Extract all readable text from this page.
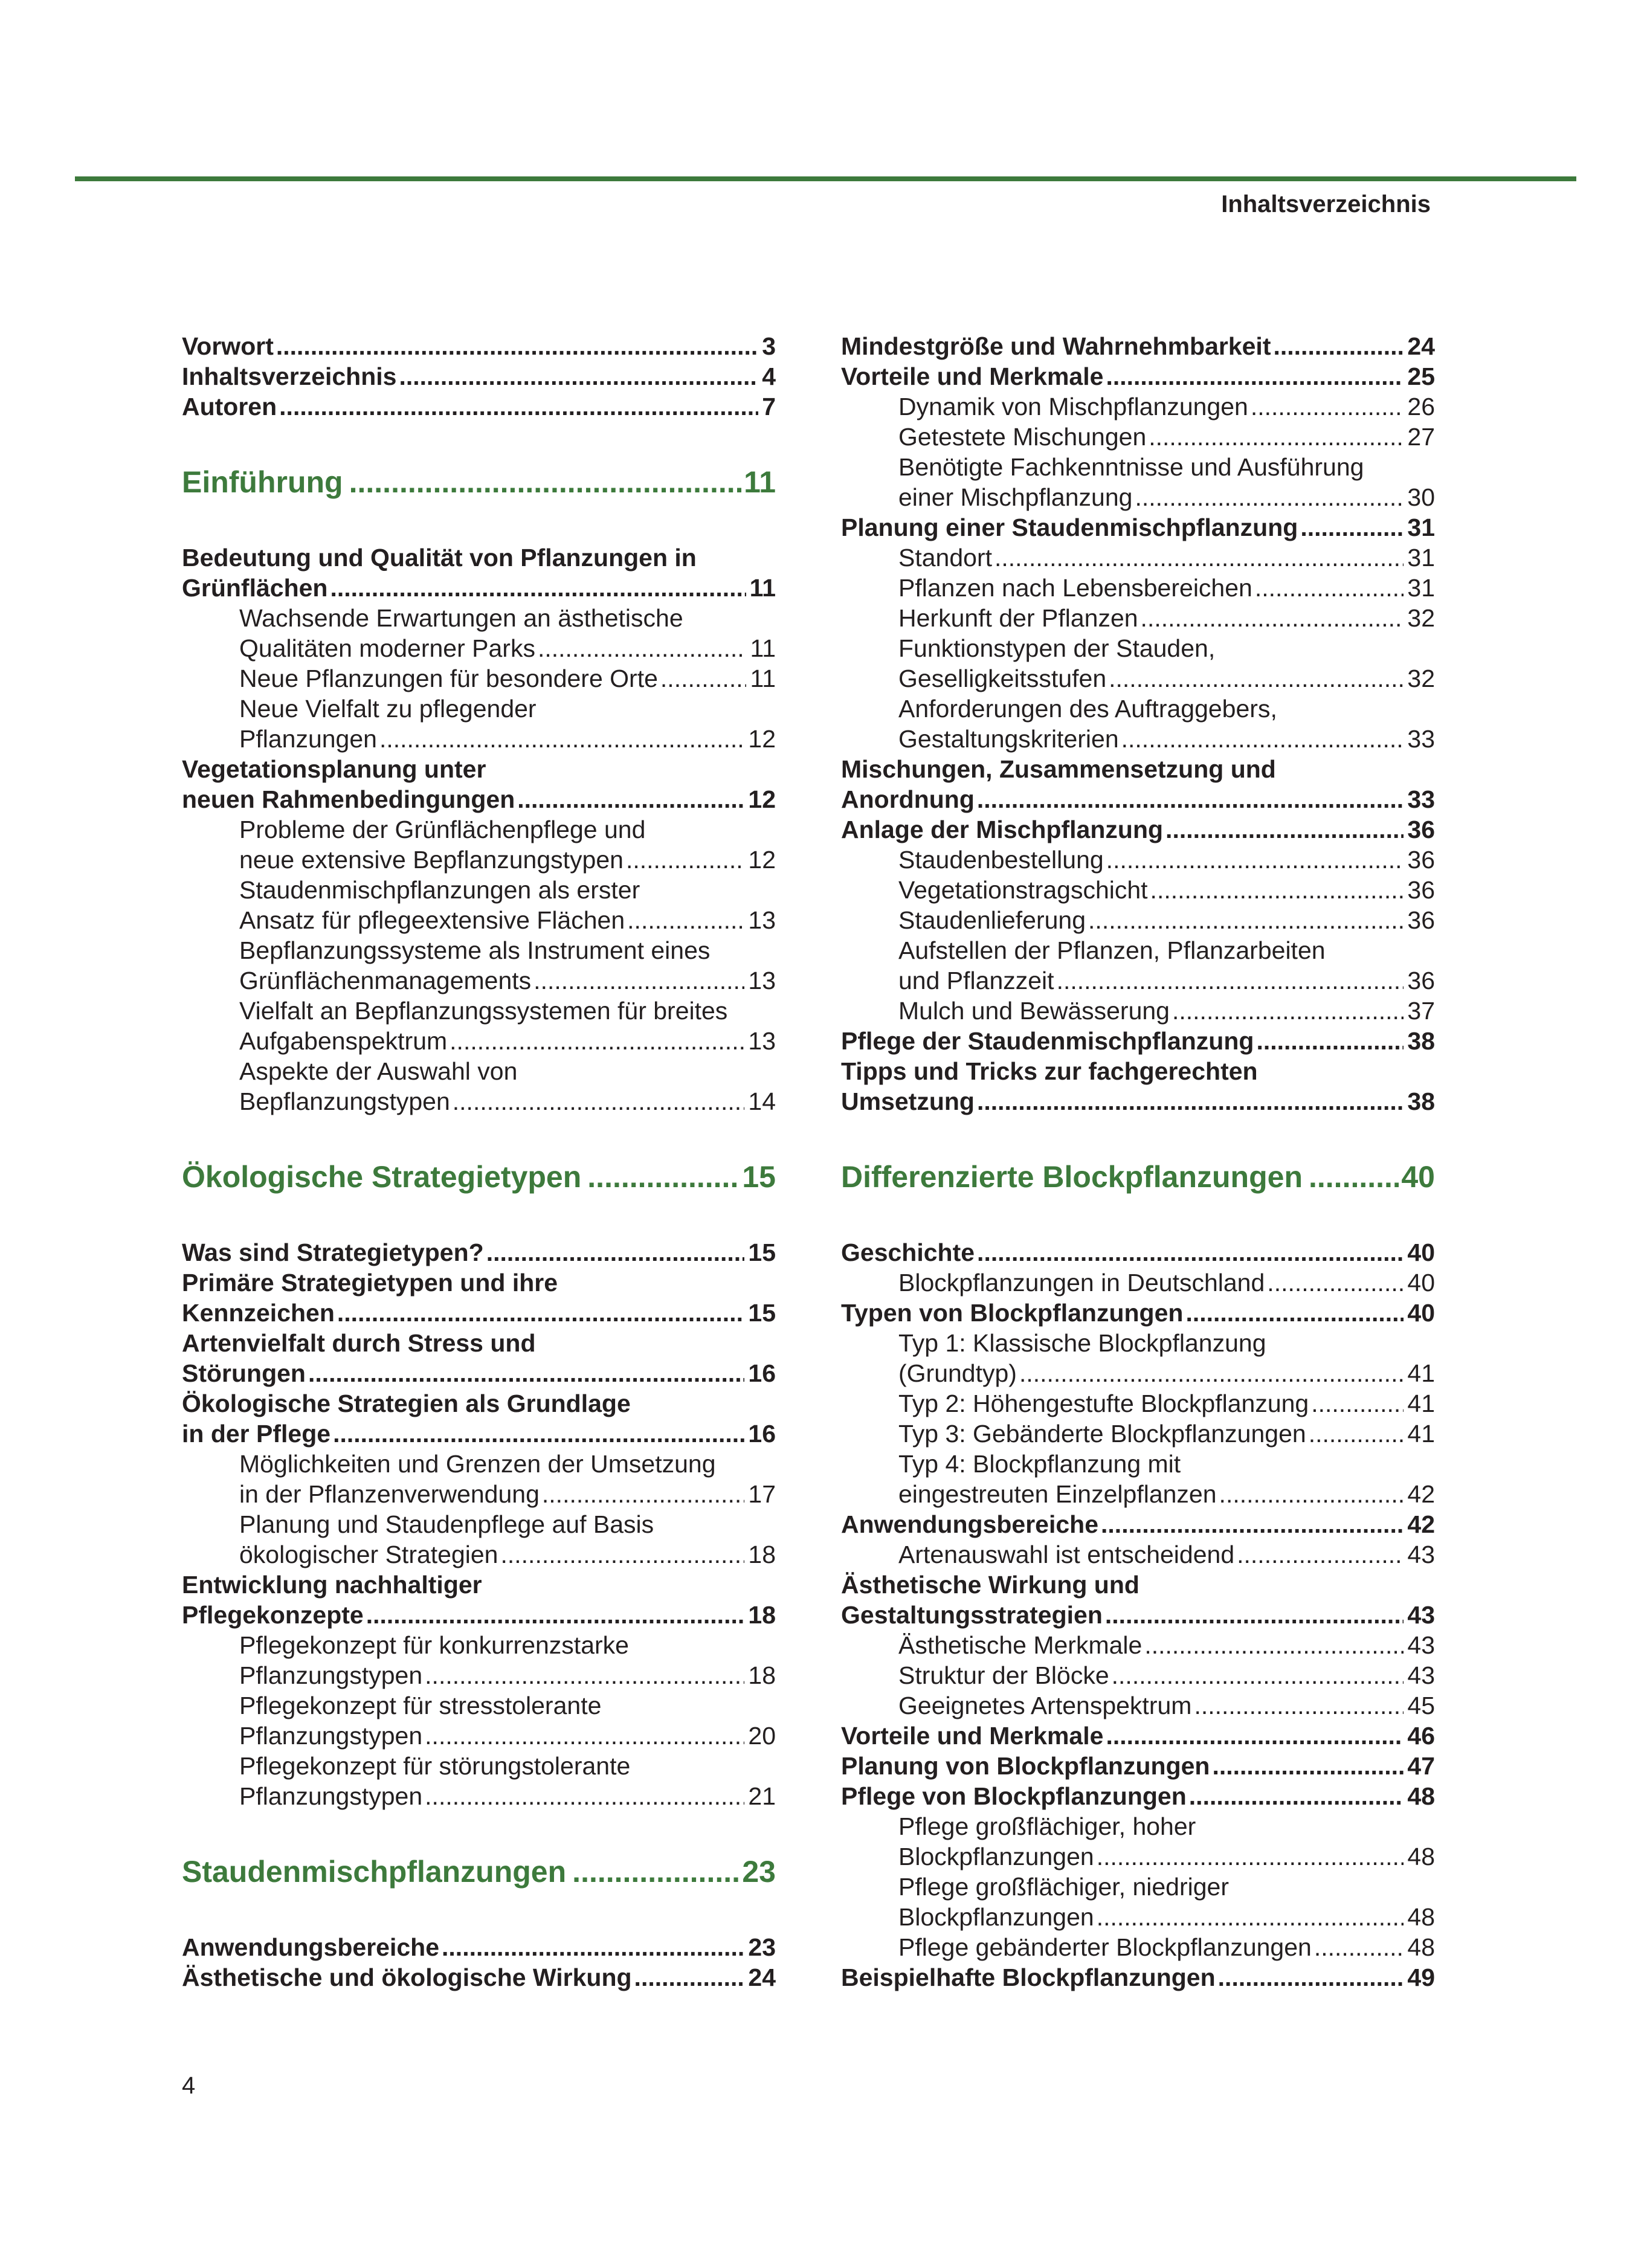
Inhaltsverzeichnis
Vorwort .....	3
Inhaltsverzeichnis .....	4
Autoren .....	7
Einführung .....	11
Bedeutung und Qualität von Pflanzungen in
Grünflächen .....	11
Wachsende Erwartungen an ästhetische
Qualitäten moderner Parks .....	11
Neue Pflanzungen für besondere Orte .....	11
Neue Vielfalt zu pflegender
Pflanzungen .....	12
Vegetationsplanung unter
neuen Rahmenbedingungen .....	12
Probleme der Grünflächenpflege und
neue extensive Bepflanzungstypen .....	12
Staudenmischpflanzungen als erster
Ansatz für pflegeextensive Flächen .....	13
Bepflanzungssysteme als Instrument eines
Grünflächenmanagements .....	13
Vielfalt an Bepflanzungssystemen für breites
Aufgabenspektrum .....	13
Aspekte der Auswahl von
Bepflanzungstypen .....	14
Ökologische Strategietypen .....	15
Was sind Strategietypen? .....	15
Primäre Strategietypen und ihre
Kennzeichen .....	15
Artenvielfalt durch Stress und
Störungen .....	16
Ökologische Strategien als Grundlage
in der Pflege .....	16
Möglichkeiten und Grenzen der Umsetzung
in der Pflanzenverwendung .....	17
Planung und Staudenpflege auf Basis
ökologischer Strategien .....	18
Entwicklung nachhaltiger
Pflegekonzepte .....	18
Pflegekonzept für konkurrenzstarke
Pflanzungstypen .....	18
Pflegekonzept für stresstolerante
Pflanzungstypen .....	20
Pflegekonzept für störungstolerante
Pflanzungstypen .....	21
Staudenmischpflanzungen .....	23
Anwendungsbereiche .....	23
Ästhetische und ökologische Wirkung .....	24
Mindestgröße und Wahrnehmbarkeit .....	24
Vorteile und Merkmale .....	25
Dynamik von Mischpflanzungen .....	26
Getestete Mischungen .....	27
Benötigte Fachkenntnisse und Ausführung
einer Mischpflanzung .....	30
Planung einer Staudenmischpflanzung .....	31
Standort .....	31
Pflanzen nach Lebensbereichen .....	31
Herkunft der Pflanzen .....	32
Funktionstypen der Stauden,
Geselligkeitsstufen .....	32
Anforderungen des Auftraggebers,
Gestaltungskriterien .....	33
Mischungen, Zusammensetzung und
Anordnung .....	33
Anlage der Mischpflanzung .....	36
Staudenbestellung .....	36
Vegetationstragschicht .....	36
Staudenlieferung .....	36
Aufstellen der Pflanzen, Pflanzarbeiten
und Pflanzzeit .....	36
Mulch und Bewässerung .....	37
Pflege der Staudenmischpflanzung .....	38
Tipps und Tricks zur fachgerechten
Umsetzung .....	38
Differenzierte Blockpflanzungen .....	40
Geschichte .....	40
Blockpflanzungen in Deutschland .....	40
Typen von Blockpflanzungen .....	40
Typ 1: Klassische Blockpflanzung
(Grundtyp) .....	41
Typ 2: Höhengestufte Blockpflanzung .....	41
Typ 3: Gebänderte Blockpflanzungen .....	41
Typ 4: Blockpflanzung mit
eingestreuten Einzelpflanzen .....	42
Anwendungsbereiche .....	42
Artenauswahl ist entscheidend .....	43
Ästhetische Wirkung und
Gestaltungsstrategien .....	43
Ästhetische Merkmale .....	43
Struktur der Blöcke .....	43
Geeignetes Artenspektrum .....	45
Vorteile und Merkmale .....	46
Planung von Blockpflanzungen .....	47
Pflege von Blockpflanzungen .....	48
Pflege großflächiger, hoher
Blockpflanzungen .....	48
Pflege großflächiger, niedriger
Blockpflanzungen .....	48
Pflege gebänderter Blockpflanzungen .....	48
Beispielhafte Blockpflanzungen .....	49
4
